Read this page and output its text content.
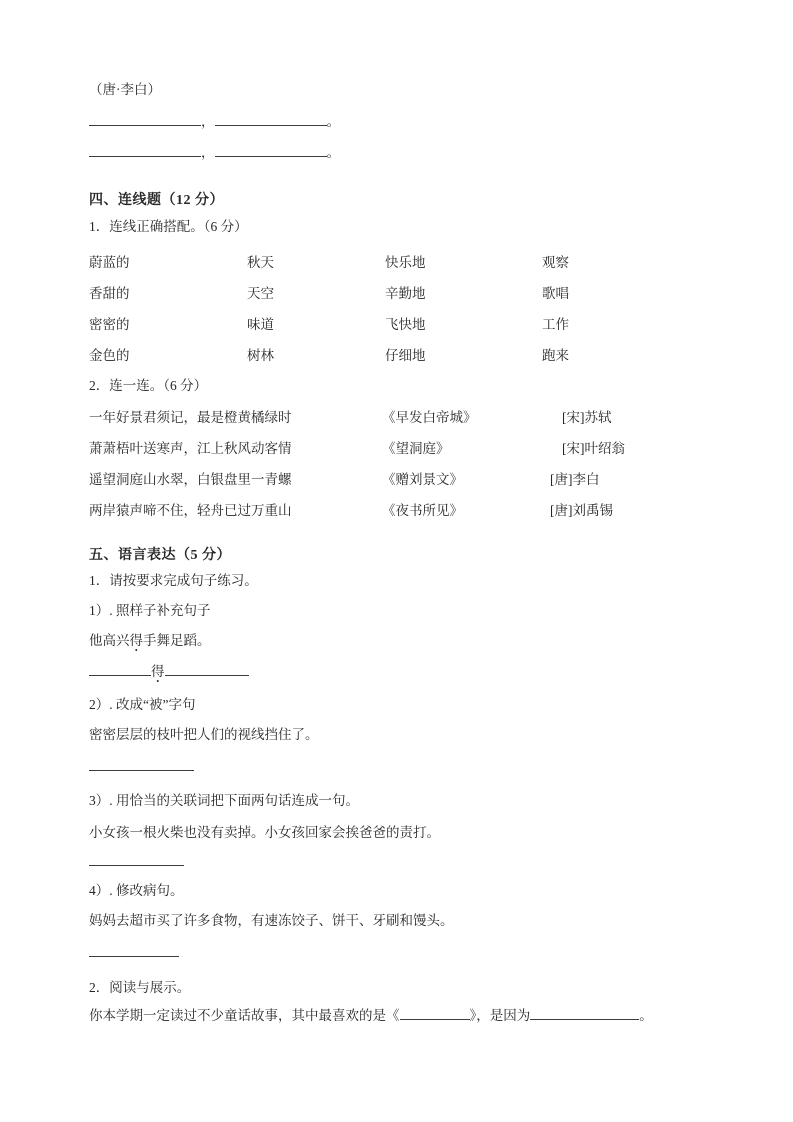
（唐·李白）
，	。
，	。
四、连线题（12 分）
1．连线正确搭配。（6 分）
蔚蓝的	秋天	快乐地	观察
香甜的	天空	辛勤地	歌唱
密密的	味道	飞快地	工作
金色的	树林	仔细地	跑来
2．连一连。（6 分）
一年好景君须记，最是橙黄橘绿时	《早发白帝城》	[宋]苏轼
萧萧梧叶送寒声，江上秋风动客情	《望洞庭》	[宋]叶绍翁
遥望洞庭山水翠，白银盘里一青螺	《赠刘景文》	[唐]李白
两岸猿声啼不住，轻舟已过万重山	《夜书所见》	[唐]刘禹锡
五、语言表达（5 分）
1．请按要求完成句子练习。
1）. 照样子补充句子
他高兴得
•
手舞足蹈。
得
•
2）. 改成“被”字句
密密层层的枝叶把人们的视线挡住了。
3）. 用恰当的关联词把下面两句话连成一句。
小女孩一根火柴也没有卖掉。小女孩回家会挨爸爸的责打。
4）. 修改病句。
妈妈去超市买了许多食物，有速冻饺子、饼干、牙刷和馒头。
2．阅读与展示。
你本学期一定读过不少童话故事，其中最喜欢的是《	》，是因为	。
